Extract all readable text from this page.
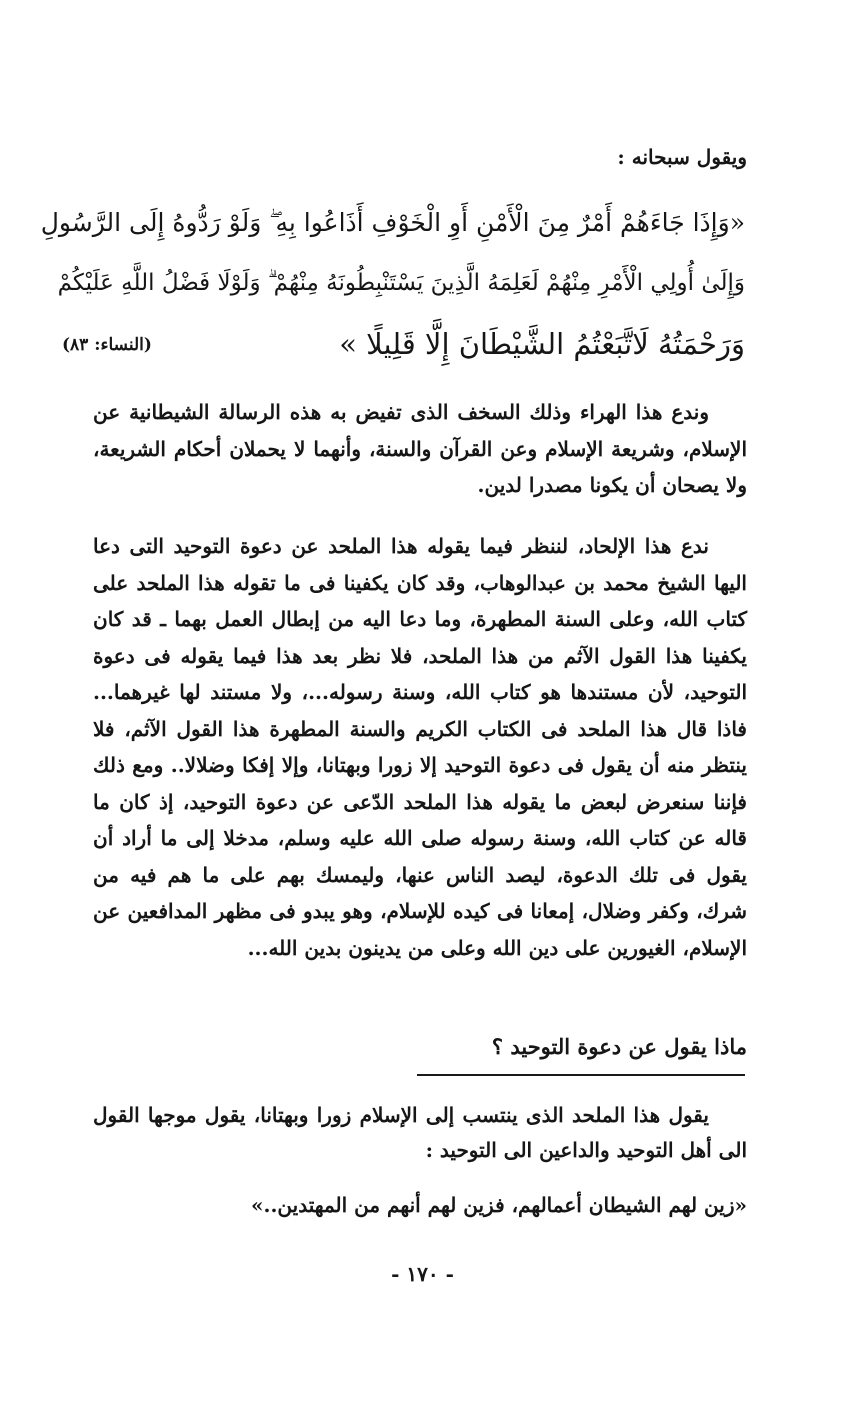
ويقول سبحانه :
«وَإِذَا جَاءَهُمْ أَمْرٌ مِنَ الْأَمْنِ أَوِ الْخَوْفِ أَذَاعُوا بِهِ ۖ وَلَوْ رَدُّوهُ إِلَى الرَّسُولِ
وَإِلَىٰ أُولِي الْأَمْرِ مِنْهُمْ لَعَلِمَهُ الَّذِينَ يَسْتَنْبِطُونَهُ مِنْهُمْ ۗ وَلَوْلَا فَضْلُ اللَّهِ عَلَيْكُمْ
وَرَحْمَتُهُ لَاتَّبَعْتُمُ الشَّيْطَانَ إِلَّا قَلِيلًا »
(النساء: ٨٣)

وندع هذا الهراء وذلك السخف الذى تفيض به هذه الرسالة الشيطانية عن الإسلام، وشريعة الإسلام وعن القرآن والسنة، وأنهما لا يحملان أحكام الشريعة، ولا يصحان أن يكونا مصدرا لدين.

ندع هذا الإلحاد، لننظر فيما يقوله هذا الملحد عن دعوة التوحيد التى دعا اليها الشيخ محمد بن عبدالوهاب، وقد كان يكفينا فى ما تقوله هذا الملحد على كتاب الله، وعلى السنة المطهرة، وما دعا اليه من إبطال العمل بهما ـ قد كان يكفينا هذا القول الآثم من هذا الملحد، فلا نظر بعد هذا فيما يقوله فى دعوة التوحيد، لأن مستندها هو كتاب الله، وسنة رسوله...، ولا مستند لها غيرهما... فاذا قال هذا الملحد فى الكتاب الكريم والسنة المطهرة هذا القول الآثم، فلا ينتظر منه أن يقول فى دعوة التوحيد إلا زورا وبهتانا، وإلا إفكا وضلالا.. ومع ذلك فإننا سنعرض لبعض ما يقوله هذا الملحد الدّعى عن دعوة التوحيد، إذ كان ما قاله عن كتاب الله، وسنة رسوله صلى الله عليه وسلم، مدخلا إلى ما أراد أن يقول فى تلك الدعوة، ليصد الناس عنها، وليمسك بهم على ما هم فيه من شرك، وكفر وضلال، إمعانا فى كيده للإسلام، وهو يبدو فى مظهر المدافعين عن الإسلام، الغيورين على دين الله وعلى من يدينون بدين الله...

ماذا يقول عن دعوة التوحيد ؟

يقول هذا الملحد الذى ينتسب إلى الإسلام زورا وبهتانا، يقول موجها القول الى أهل التوحيد والداعين الى التوحيد :

«زين لهم الشيطان أعمالهم، فزين لهم أنهم من المهتدين..»
- ١٧٠ -
